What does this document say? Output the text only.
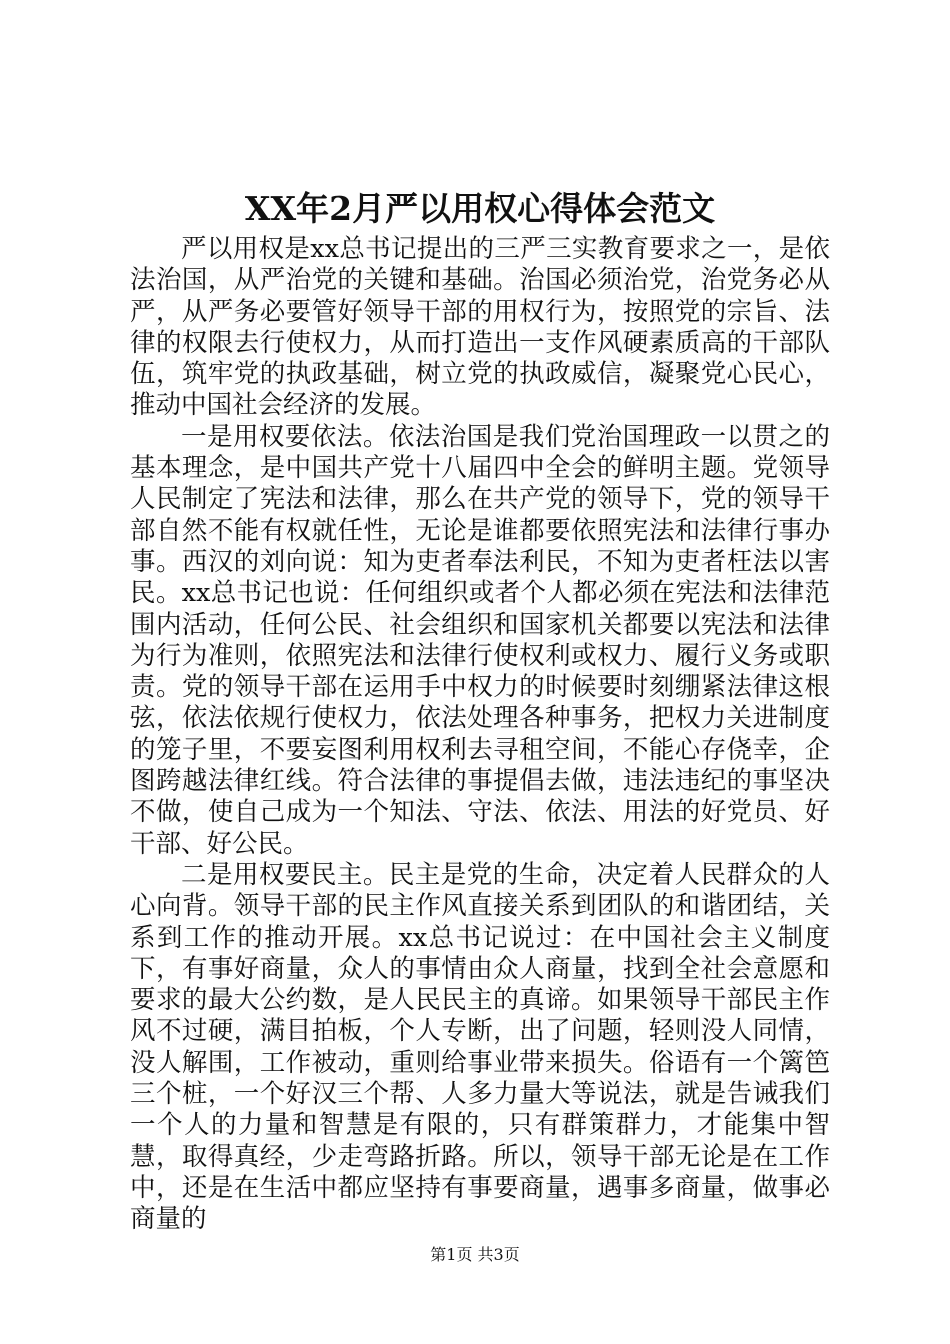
XX年2月严以用权心得体会范文

严以用权是xx总书记提出的三严三实教育要求之一，是依法治国，从严治党的关键和基础。治国必须治党，治党务必从严，从严务必要管好领导干部的用权行为，按照党的宗旨、法律的权限去行使权力，从而打造出一支作风硬素质高的干部队伍，筑牢党的执政基础，树立党的执政威信，凝聚党心民心，推动中国社会经济的发展。

一是用权要依法。依法治国是我们党治国理政一以贯之的基本理念，是中国共产党十八届四中全会的鲜明主题。党领导人民制定了宪法和法律，那么在共产党的领导下，党的领导干部自然不能有权就任性，无论是谁都要依照宪法和法律行事办事。西汉的刘向说：知为吏者奉法利民，不知为吏者枉法以害民。xx总书记也说：任何组织或者个人都必须在宪法和法律范围内活动，任何公民、社会组织和国家机关都要以宪法和法律为行为准则，依照宪法和法律行使权利或权力、履行义务或职责。党的领导干部在运用手中权力的时候要时刻绷紧法律这根弦，依法依规行使权力，依法处理各种事务，把权力关进制度的笼子里，不要妄图利用权利去寻租空间，不能心存侥幸，企图跨越法律红线。符合法律的事提倡去做，违法违纪的事坚决不做，使自己成为一个知法、守法、依法、用法的好党员、好干部、好公民。

二是用权要民主。民主是党的生命，决定着人民群众的人心向背。领导干部的民主作风直接关系到团队的和谐团结，关系到工作的推动开展。xx总书记说过：在中国社会主义制度下，有事好商量，众人的事情由众人商量，找到全社会意愿和要求的最大公约数，是人民民主的真谛。如果领导干部民主作风不过硬，满目拍板，个人专断，出了问题，轻则没人同情，没人解围，工作被动，重则给事业带来损失。俗语有一个篱笆三个桩，一个好汉三个帮、人多力量大等说法，就是告诫我们一个人的力量和智慧是有限的，只有群策群力，才能集中智慧，取得真经，少走弯路折路。所以，领导干部无论是在工作中，还是在生活中都应坚持有事要商量，遇事多商量，做事必商量的

第1页 共3页
